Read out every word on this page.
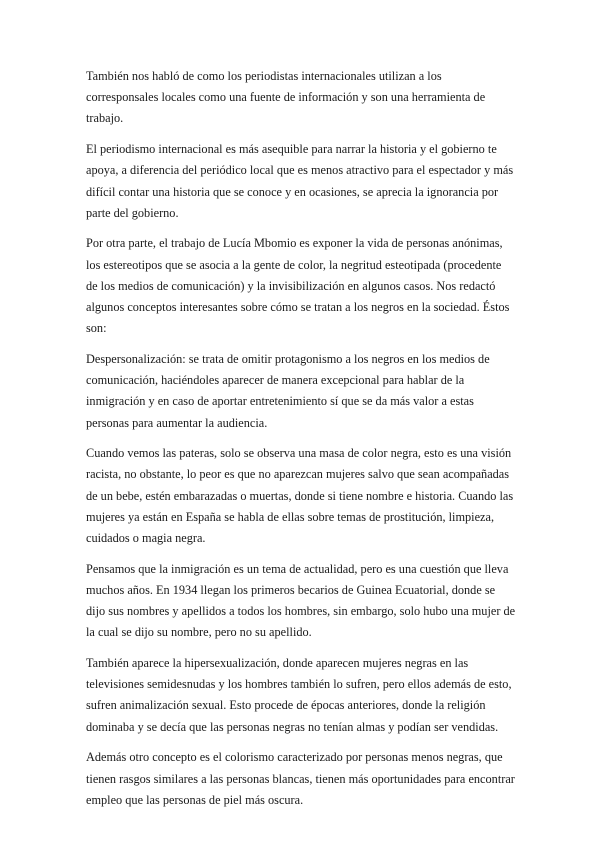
También nos habló de como los periodistas internacionales utilizan a los corresponsales locales como una fuente de información y son una herramienta de trabajo.

El periodismo internacional es más asequible para narrar la historia y el gobierno te apoya, a diferencia del periódico local que es menos atractivo para el espectador y más difícil contar una historia que se conoce y en ocasiones, se aprecia la ignorancia por parte del gobierno.

Por otra parte, el trabajo de Lucía Mbomio es exponer la vida de personas anónimas, los estereotipos que se asocia a la gente de color, la negritud esteotipada (procedente de los medios de comunicación) y la invisibilización en algunos casos. Nos redactó algunos conceptos interesantes sobre cómo se tratan a los negros en la sociedad. Éstos son:

Despersonalización: se trata de omitir protagonismo a los negros en los medios de comunicación, haciéndoles aparecer de manera excepcional para hablar de la inmigración y en caso de aportar entretenimiento sí que se da más valor a estas personas para aumentar la audiencia.

Cuando vemos las pateras, solo se observa una masa de color negra, esto es una visión racista, no obstante, lo peor es que no aparezcan mujeres salvo que sean acompañadas de un bebe, estén embarazadas o muertas, donde si tiene nombre e historia. Cuando las mujeres ya están en España se habla de ellas sobre temas de prostitución, limpieza, cuidados o magia negra.

Pensamos que la inmigración es un tema de actualidad, pero es una cuestión que lleva muchos años. En 1934 llegan los primeros becarios de Guinea Ecuatorial, donde se dijo sus nombres y apellidos a todos los hombres, sin embargo, solo hubo una mujer de la cual se dijo su nombre, pero no su apellido.

También aparece la hipersexualización, donde aparecen mujeres negras en las televisiones semidesnudas y los hombres también lo sufren, pero ellos además de esto, sufren animalización sexual. Esto procede de épocas anteriores, donde la religión dominaba y se decía que las personas negras no tenían almas y podían ser vendidas.

Además otro concepto es el colorismo caracterizado por personas menos negras, que tienen rasgos similares a las personas blancas, tienen más oportunidades para encontrar empleo que las personas de piel más oscura.
